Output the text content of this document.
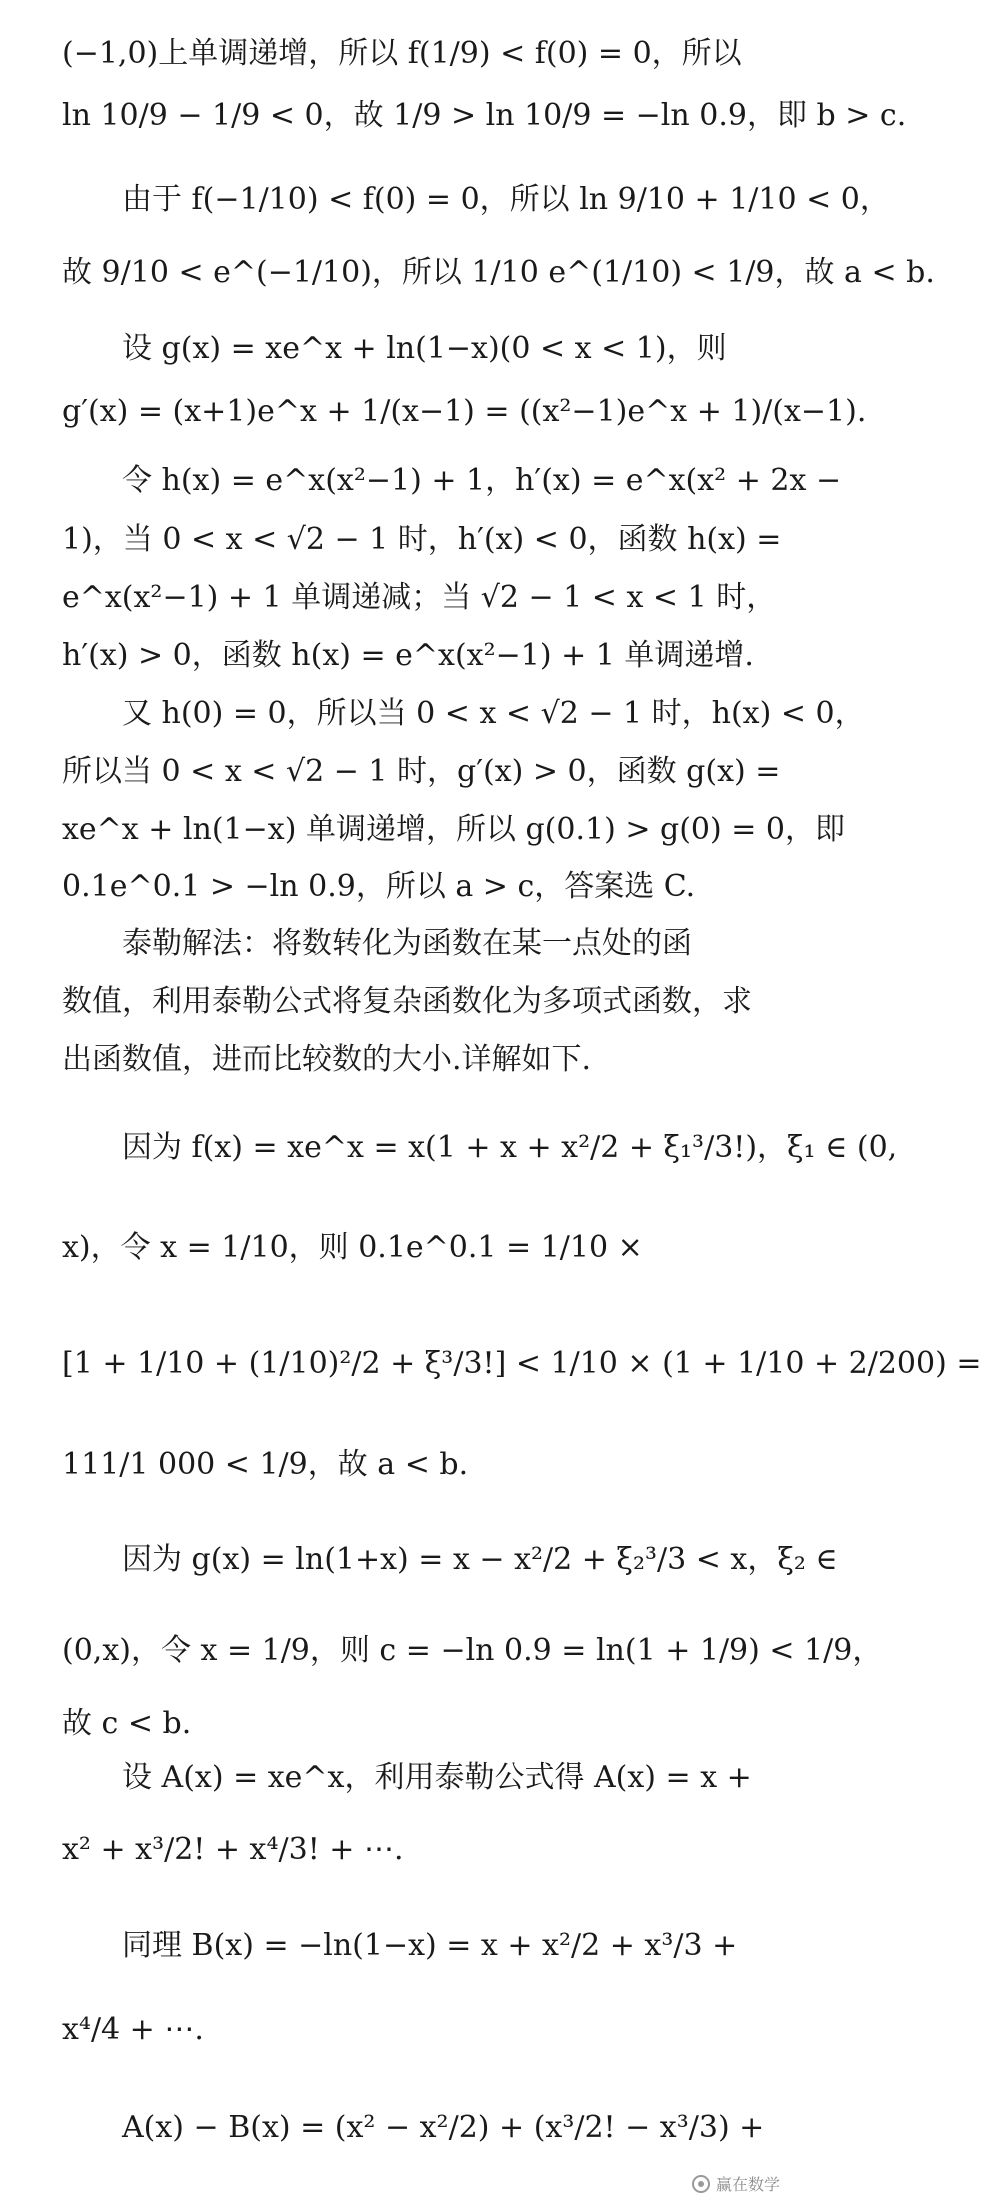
(−1,0)上单调递增，所以 f(1/9) < f(0) = 0，所以
ln 10/9 − 1/9 < 0，故 1/9 > ln 10/9 = −ln 0.9，即 b > c.
由于 f(−1/10) < f(0) = 0，所以 ln 9/10 + 1/10 < 0，
故 9/10 < e^(−1/10)，所以 1/10 e^(1/10) < 1/9，故 a < b.
设 g(x) = xe^x + ln(1−x)(0 < x < 1)，则
g′(x) = (x+1)e^x + 1/(x−1) = ((x²−1)e^x + 1)/(x−1).
令 h(x) = e^x(x²−1) + 1，h′(x) = e^x(x² + 2x −
1)，当 0 < x < √2 − 1 时，h′(x) < 0，函数 h(x) =
e^x(x²−1) + 1 单调递减；当 √2 − 1 < x < 1 时，
h′(x) > 0，函数 h(x) = e^x(x²−1) + 1 单调递增.
又 h(0) = 0，所以当 0 < x < √2 − 1 时，h(x) < 0，
所以当 0 < x < √2 − 1 时，g′(x) > 0，函数 g(x) =
xe^x + ln(1−x) 单调递增，所以 g(0.1) > g(0) = 0，即
0.1e^0.1 > −ln 0.9，所以 a > c，答案选 C.
泰勒解法：将数转化为函数在某一点处的函
数值，利用泰勒公式将复杂函数化为多项式函数，求
出函数值，进而比较数的大小.详解如下.
因为 f(x) = xe^x = x(1 + x + x²/2 + ξ₁³/3!)，ξ₁ ∈ (0,
x)，令 x = 1/10，则 0.1e^0.1 = 1/10 ×
[1 + 1/10 + (1/10)²/2 + ξ³/3!] < 1/10 × (1 + 1/10 + 2/200) =
111/1 000 < 1/9，故 a < b.
因为 g(x) = ln(1+x) = x − x²/2 + ξ₂³/3 < x，ξ₂ ∈
(0,x)，令 x = 1/9，则 c = −ln 0.9 = ln(1 + 1/9) < 1/9，
故 c < b.
设 A(x) = xe^x，利用泰勒公式得 A(x) = x +
x² + x³/2! + x⁴/3! + ⋯.
同理 B(x) = −ln(1−x) = x + x²/2 + x³/3 +
x⁴/4 + ⋯.
A(x) − B(x) = (x² − x²/2) + (x³/2! − x³/3) +
赢在数学
